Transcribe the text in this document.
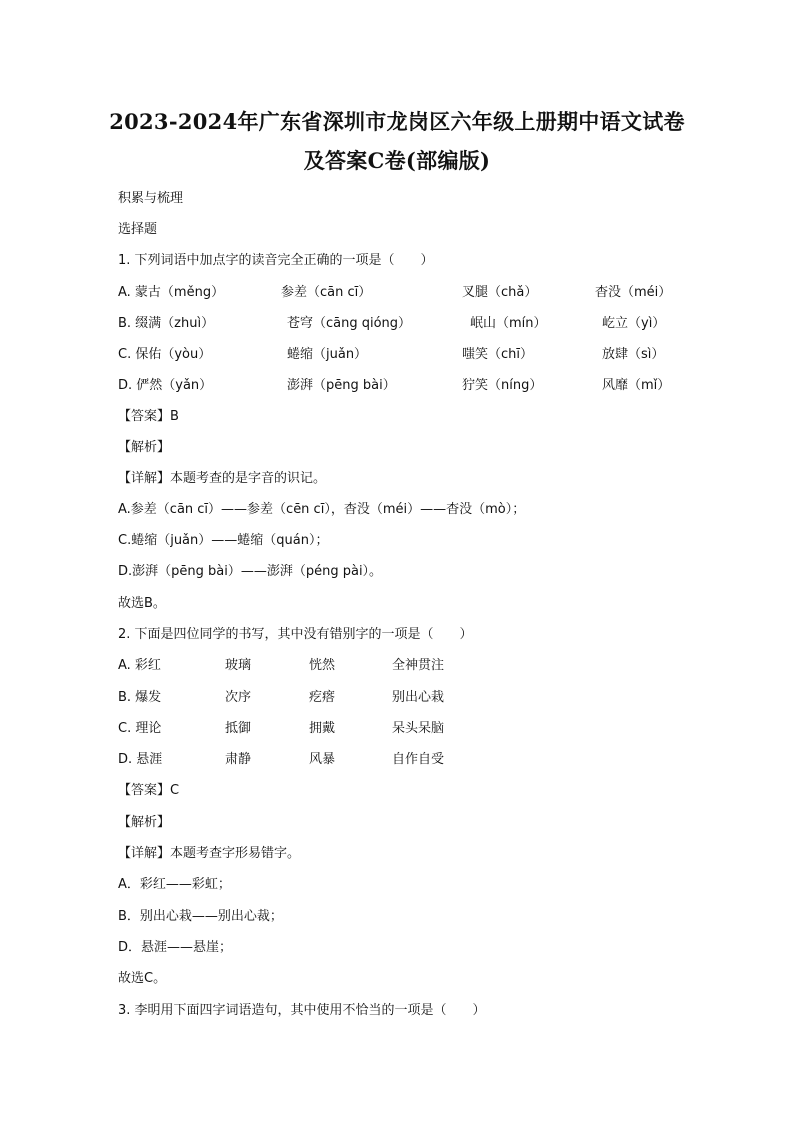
2023-2024年广东省深圳市龙岗区六年级上册期中语文试卷
及答案C卷(部编版)
积累与梳理
选择题
1. 下列词语中加点字的读音完全正确的一项是（　　）
A. 蒙古（měng）	参差（cān cī）	叉腿（chǎ）	杳没（méi）
B. 缀满（zhuì）	苍穹（cāng qióng）	岷山（mín）	屹立（yì）
C. 保佑（yòu）	蜷缩（juǎn）	嗤笑（chī）	放肆（sì）
D. 俨然（yǎn）	澎湃（pēng bài）	狞笑（níng）	风靡（mǐ）
【答案】B
【解析】
【详解】本题考查的是字音的识记。
A.参差（cān cī）——参差（cēn cī），杳没（méi）——杳没（mò）；
C.蜷缩（juǎn）——蜷缩（quán）；
D.澎湃（pēng bài）——澎湃（péng pài）。
故选B。
2. 下面是四位同学的书写，其中没有错别字的一项是（　　）
A. 彩红	玻璃	恍然	全神贯注
B. 爆发	次序	疙瘩	别出心栽
C. 理论	抵御	拥戴	呆头呆脑
D. 悬涯	肃静	风暴	自作自受
【答案】C
【解析】
【详解】本题考查字形易错字。
A．彩红——彩虹；
B．别出心栽——别出心裁；
D．悬涯——悬崖；
故选C。
3. 李明用下面四字词语造句，其中使用不恰当的一项是（　　）
